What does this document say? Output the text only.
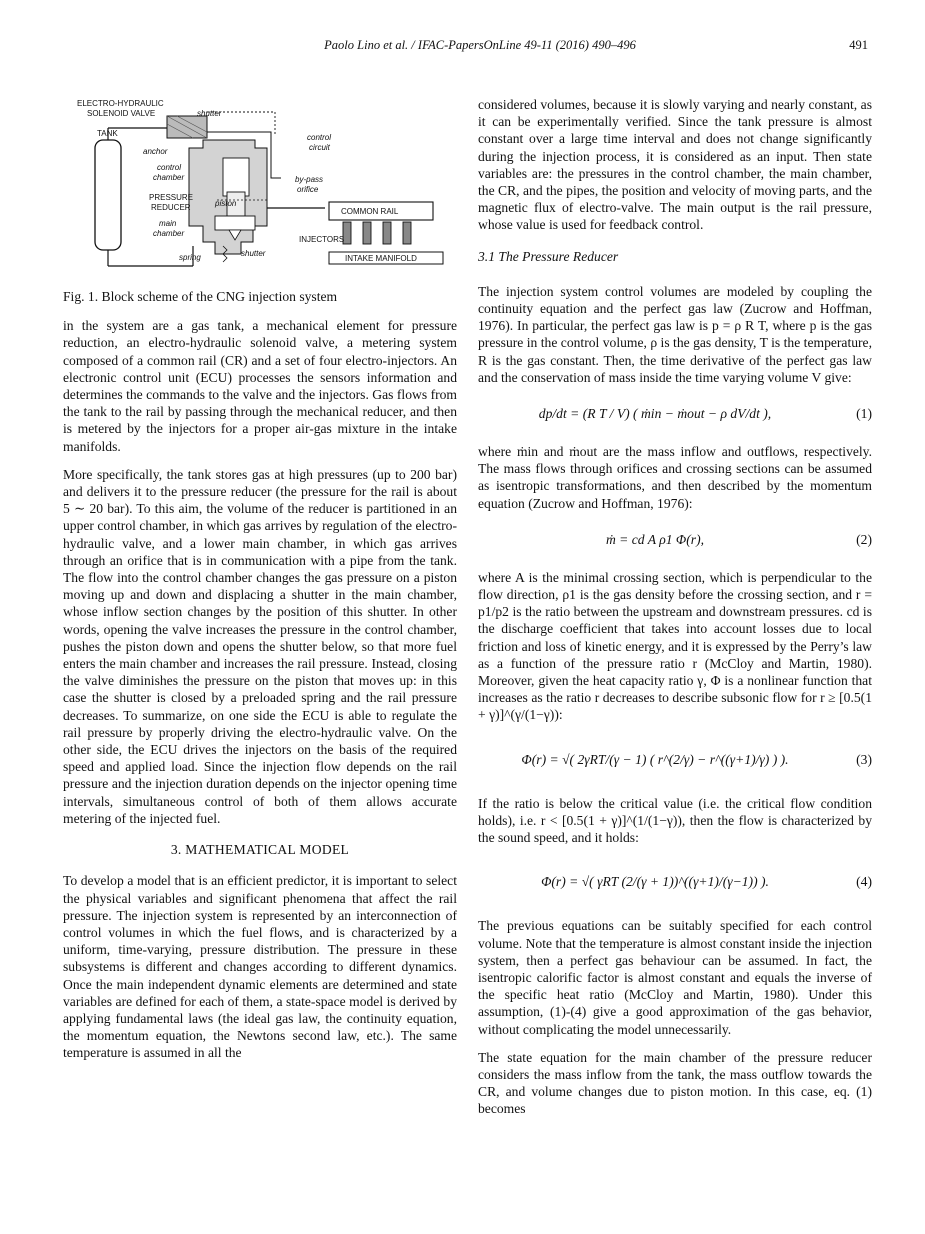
Paolo Lino et al. / IFAC-PapersOnLine 49-11 (2016) 490–496	491
ELECTRO-HYDRAULIC
SOLENOID VALVE	shutter
TANK
anchor
control
chamber
PRESSURE
REDUCER	piston
main
chamber
spring	shutter
control
circuit
by-pass
orifice
COMMON RAIL
INJECTORS
INTAKE MANIFOLD
Fig. 1. Block scheme of the CNG injection system

in the system are a gas tank, a mechanical element for pressure reduction, an electro-hydraulic solenoid valve, a metering system composed of a common rail (CR) and a set of four electro-injectors. An electronic control unit (ECU) processes the sensors information and determines the commands to the valve and the injectors. Gas flows from the tank to the rail by passing through the mechanical reducer, and then is metered by the injectors for a proper air-gas mixture in the intake manifolds.

More specifically, the tank stores gas at high pressures (up to 200 bar) and delivers it to the pressure reducer (the pressure for the rail is about 5 ∼ 20 bar). To this aim, the volume of the reducer is partitioned in an upper control chamber, in which gas arrives by regulation of the electro-hydraulic valve, and a lower main chamber, in which gas arrives through an orifice that is in communication with a pipe from the tank. The flow into the control chamber changes the gas pressure on a piston moving up and down and displacing a shutter in the main chamber, whose inflow section changes by the position of this shutter. In other words, opening the valve increases the pressure in the control chamber, pushes the piston down and opens the shutter below, so that more fuel enters the main chamber and increases the rail pressure. Instead, closing the valve diminishes the pressure on the piston that moves up: in this case the shutter is closed by a preloaded spring and the rail pressure decreases. To summarize, on one side the ECU is able to regulate the rail pressure by properly driving the electro-hydraulic valve. On the other side, the ECU drives the injectors on the basis of the required speed and applied load. Since the injection flow depends on the rail pressure and the injection duration depends on the injector opening time intervals, simultaneous control of both of them allows accurate metering of the injected fuel.

3. MATHEMATICAL MODEL

To develop a model that is an efficient predictor, it is important to select the physical variables and significant phenomena that affect the rail pressure. The injection system is represented by an interconnection of control volumes in which the fuel flows, and is characterized by a uniform, time-varying, pressure distribution. The pressure in these subsystems is different and changes according to different dynamics. Once the main independent dynamic elements are determined and state variables are defined for each of them, a state-space model is derived by applying fundamental laws (the ideal gas law, the continuity equation, the momentum equation, the Newtons second law, etc.). The same temperature is assumed in all the

considered volumes, because it is slowly varying and nearly constant, as it can be experimentally verified. Since the tank pressure is almost constant over a large time interval and does not change significantly during the injection process, it is considered as an input. Then state variables are: the pressures in the control chamber, the main chamber, the CR, and the pipes, the position and velocity of moving parts, and the magnetic flux of electro-valve. The main output is the rail pressure, whose value is used for feedback control.

3.1 The Pressure Reducer

The injection system control volumes are modeled by coupling the continuity equation and the perfect gas law (Zucrow and Hoffman, 1976). In particular, the perfect gas law is p = ρ R T, where p is the gas pressure in the control volume, ρ is the gas density, T is the temperature, R is the gas constant. Then, the time derivative of the perfect gas law and the conservation of mass inside the time varying volume V give:

dp/dt = (R T / V) ( ṁin − ṁout − ρ dV/dt ),	(1)

where ṁin and ṁout are the mass inflow and outflows, respectively. The mass flows through orifices and crossing sections can be assumed as isentropic transformations, and then described by the momentum equation (Zucrow and Hoffman, 1976):

ṁ = cd A ρ1 Φ(r),	(2)

where A is the minimal crossing section, which is perpendicular to the flow direction, ρ1 is the gas density before the crossing section, and r = p1/p2 is the ratio between the upstream and downstream pressures. cd is the discharge coefficient that takes into account losses due to local friction and loss of kinetic energy, and it is expressed by the Perry’s law as a function of the pressure ratio r (McCloy and Martin, 1980). Moreover, given the heat capacity ratio γ, Φ is a nonlinear function that increases as the ratio r decreases to describe subsonic flow for r ≥ [0.5(1 + γ)]^(γ/(1−γ)):

Φ(r) = √( 2γRT/(γ − 1) ( r^(2/γ) − r^((γ+1)/γ) ) ).	(3)

If the ratio is below the critical value (i.e. the critical flow condition holds), i.e. r < [0.5(1 + γ)]^(1/(1−γ)), then the flow is characterized by the sound speed, and it holds:

Φ(r) = √( γRT (2/(γ + 1))^((γ+1)/(γ−1)) ).	(4)

The previous equations can be suitably specified for each control volume. Note that the temperature is almost constant inside the injection system, then a perfect gas behaviour can be assumed. In fact, the isentropic calorific factor is almost constant and equals the inverse of the specific heat ratio (McCloy and Martin, 1980). Under this assumption, (1)-(4) give a good approximation of the gas behavior, without complicating the model unnecessarily.

The state equation for the main chamber of the pressure reducer considers the mass inflow from the tank, the mass outflow towards the CR, and volume changes due to piston motion. In this case, eq. (1) becomes
